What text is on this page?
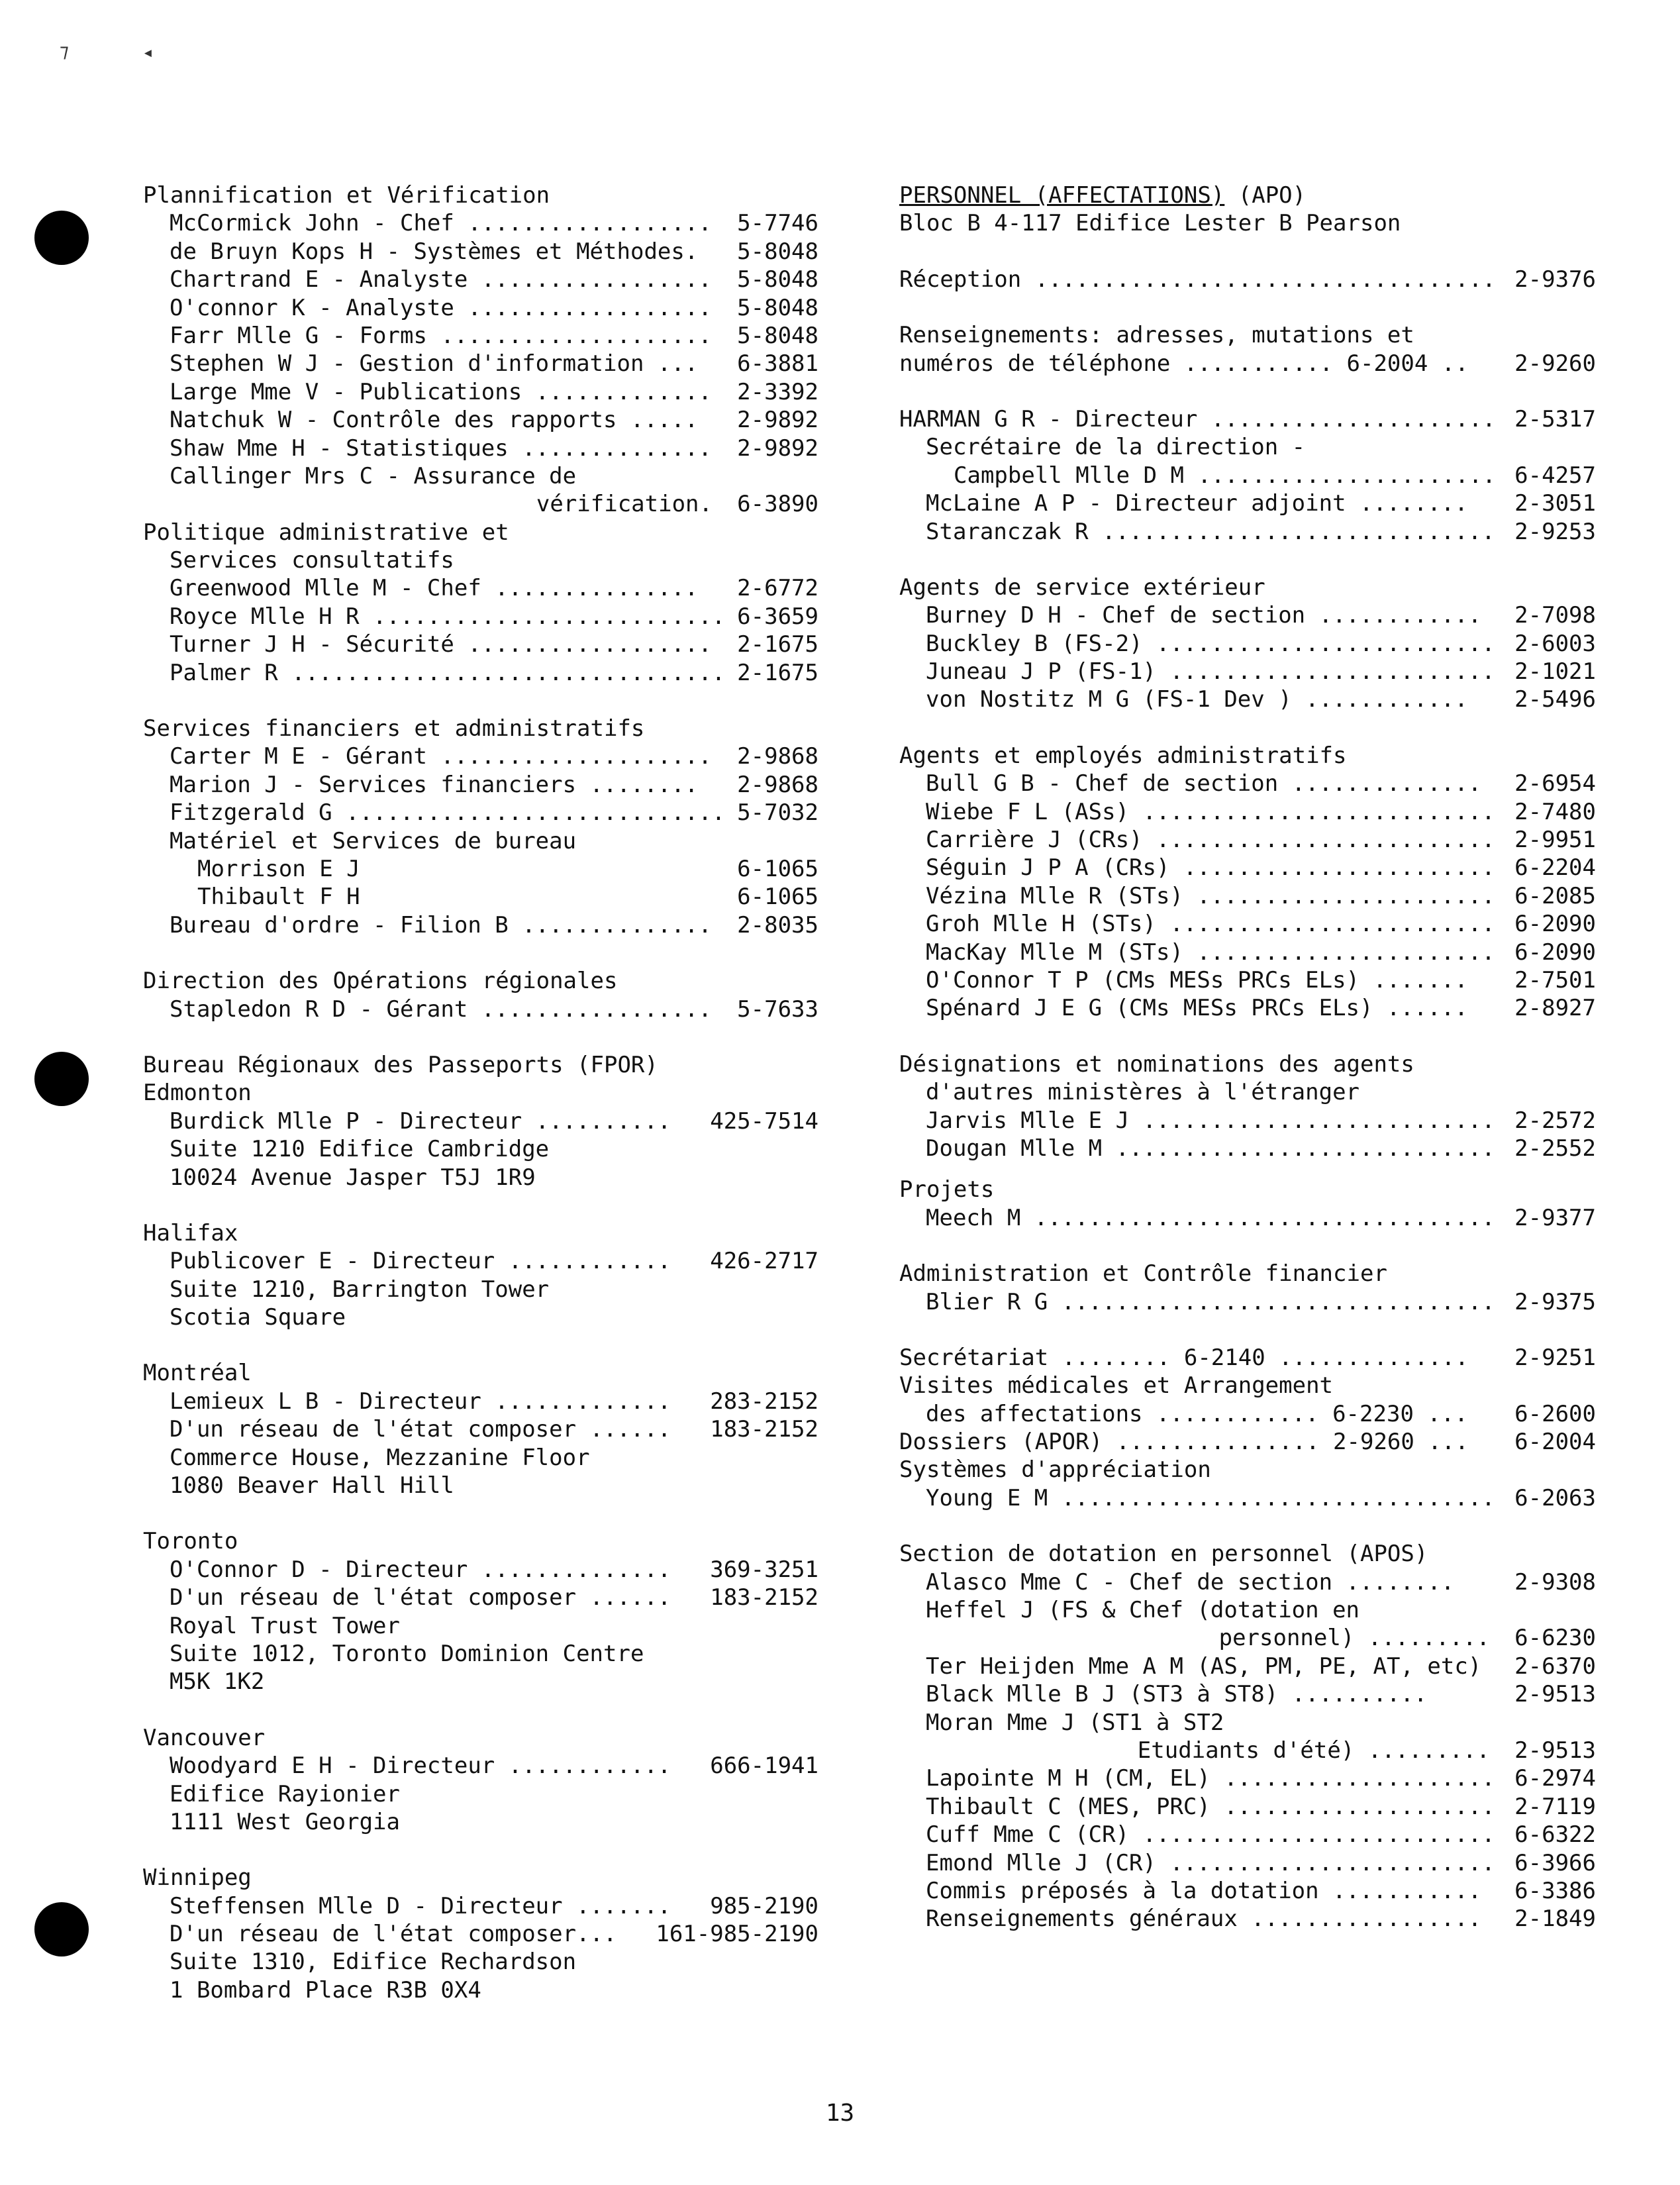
⁊	◂
Plannification et Vérification
McCormick John - Chef .................. 5-7746
de Bruyn Kops H - Systèmes et Méthodes. 5-8048
Chartrand E - Analyste ................. 5-8048
O'connor K - Analyste .................. 5-8048
Farr Mlle G - Forms .................... 5-8048
Stephen W J - Gestion d'information ... 6-3881
Large Mme V - Publications ............. 2-3392
Natchuk W - Contrôle des rapports ..... 2-9892
Shaw Mme H - Statistiques .............. 2-9892
Callinger Mrs C - Assurance de
vérification. 6-3890
Politique administrative et
Services consultatifs
Greenwood Mlle M - Chef ............... 2-6772
Royce Mlle H R .......................... 6-3659
Turner J H - Sécurité .................. 2-1675
Palmer R ................................ 2-1675
Services financiers et administratifs
Carter M E - Gérant .................... 2-9868
Marion J - Services financiers ........ 2-9868
Fitzgerald G ............................ 5-7032
Matériel et Services de bureau
Morrison E J	6-1065
Thibault F H	6-1065
Bureau d'ordre - Filion B .............. 2-8035
Direction des Opérations régionales
Stapledon R D - Gérant ................. 5-7633
Bureau Régionaux des Passeports (FPOR)
Edmonton
Burdick Mlle P - Directeur .......... 425-7514
Suite 1210 Edifice Cambridge
10024 Avenue Jasper T5J 1R9
Halifax
Publicover E - Directeur ............ 426-2717
Suite 1210, Barrington Tower
Scotia Square
Montréal
Lemieux L B - Directeur ............. 283-2152
D'un réseau de l'état composer ...... 183-2152
Commerce House, Mezzanine Floor
1080 Beaver Hall Hill
Toronto
O'Connor D - Directeur .............. 369-3251
D'un réseau de l'état composer ...... 183-2152
Royal Trust Tower
Suite 1012, Toronto Dominion Centre
M5K 1K2
Vancouver
Woodyard E H - Directeur ............ 666-1941
Edifice Rayionier
1111 West Georgia
Winnipeg
Steffensen Mlle D - Directeur ....... 985-2190
D'un réseau de l'état composer... 161-985-2190
Suite 1310, Edifice Rechardson
1 Bombard Place R3B 0X4
PERSONNEL (AFFECTATIONS) (APO)
Bloc B 4-117 Edifice Lester B Pearson
Réception .................................. 2-9376
Renseignements: adresses, mutations et
numéros de téléphone ........... 6-2004 .. 2-9260
HARMAN G R - Directeur ..................... 2-5317
Secrétaire de la direction -
Campbell Mlle D M ...................... 6-4257
McLaine A P - Directeur adjoint ........ 2-3051
Staranczak R ............................. 2-9253
Agents de service extérieur
Burney D H - Chef de section ............ 2-7098
Buckley B (FS-2) ......................... 2-6003
Juneau J P (FS-1) ........................ 2-1021
von Nostitz M G (FS-1 Dev ) ............ 2-5496
Agents et employés administratifs
Bull G B - Chef de section .............. 2-6954
Wiebe F L (ASs) .......................... 2-7480
Carrière J (CRs) ......................... 2-9951
Séguin J P A (CRs) ....................... 6-2204
Vézina Mlle R (STs) ...................... 6-2085
Groh Mlle H (STs) ........................ 6-2090
MacKay Mlle M (STs) ...................... 6-2090
O'Connor T P (CMs MESs PRCs ELs) ....... 2-7501
Spénard J E G (CMs MESs PRCs ELs) ...... 2-8927
Désignations et nominations des agents
d'autres ministères à l'étranger
Jarvis Mlle E J .......................... 2-2572
Dougan Mlle M ............................ 2-2552
Projets
Meech M .................................. 2-9377
Administration et Contrôle financier
Blier R G ................................ 2-9375
Secrétariat ........ 6-2140 .............. 2-9251
Visites médicales et Arrangement
des affectations ............ 6-2230 ... 6-2600
Dossiers (APOR) ............... 2-9260 ... 6-2004
Systèmes d'appréciation
Young E M ................................ 6-2063
Section de dotation en personnel (APOS)
Alasco Mme C - Chef de section ........	2-9308
Heffel J (FS & Chef (dotation en
personnel) ......... 6-6230
Ter Heijden Mme A M (AS, PM, PE, AT, etc) 2-6370
Black Mlle B J (ST3 à ST8) ..........	2-9513
Moran Mme J (ST1 à ST2
Etudiants d'été) ......... 2-9513
Lapointe M H (CM, EL) .................... 6-2974
Thibault C (MES, PRC) .................... 2-7119
Cuff Mme C (CR) .......................... 6-6322
Emond Mlle J (CR) ........................ 6-3966
Commis préposés à la dotation ........... 6-3386
Renseignements généraux ................. 2-1849
13
